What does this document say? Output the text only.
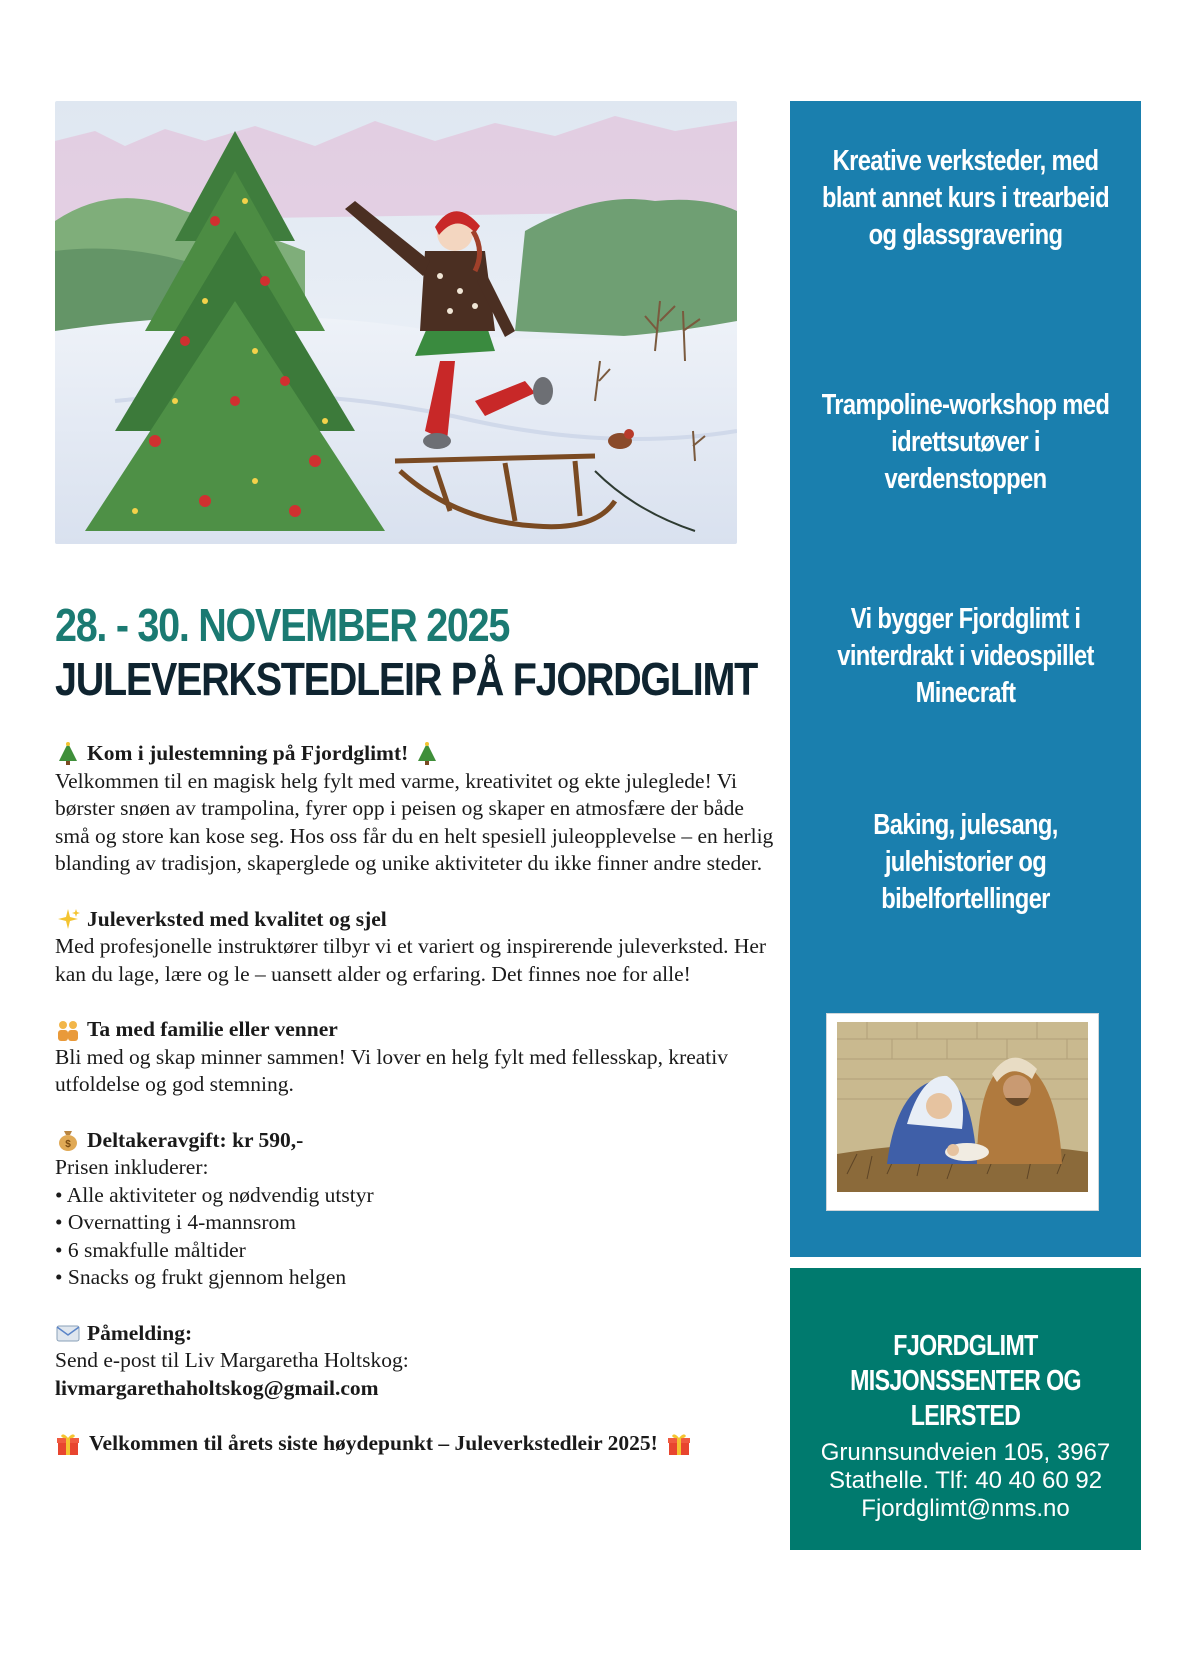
28. - 30. NOVEMBER 2025
JULEVERKSTEDLEIR PÅ FJORDGLIMT
Kom i julestemning på Fjordglimt!

Velkommen til en magisk helg fylt med varme, kreativitet og ekte juleglede! Vi børster snøen av trampolina, fyrer opp i peisen og skaper en atmosfære der både små og store kan kose seg. Hos oss får du en helt spesiell juleopplevelse – en herlig blanding av tradisjon, skaperglede og unike aktiviteter du ikke finner andre steder.

Juleverksted med kvalitet og sjel

Med profesjonelle instruktører tilbyr vi et variert og inspirerende juleverksted. Her kan du lage, lære og le – uansett alder og erfaring. Det finnes noe for alle!

Ta med familie eller venner

Bli med og skap minner sammen! Vi lover en helg fylt med fellesskap, kreativ utfoldelse og god stemning.

$ Deltakeravgift: kr 590,-

Prisen inkluderer:

• Alle aktiviteter og nødvendig utstyr
• Overnatting i 4-mannsrom
• 6 smakfulle måltider
• Snacks og frukt gjennom helgen
Påmelding:

Send e-post til Liv Margaretha Holtskog:

livmargarethaholtskog@gmail.com

Velkommen til årets siste høydepunkt – Juleverkstedleir 2025!
Kreative verksteder, med blant annet kurs i trearbeid og glassgravering
Trampoline-workshop med idrettsutøver i verdenstoppen
Vi bygger Fjordglimt i vinterdrakt i videospillet Minecraft
Baking, julesang, julehistorier og bibelfortellinger
FJORDGLIMT MISJONSSENTER OG LEIRSTED
Grunnsundveien 105, 3967 Stathelle. Tlf: 40 40 60 92 Fjordglimt@nms.no
